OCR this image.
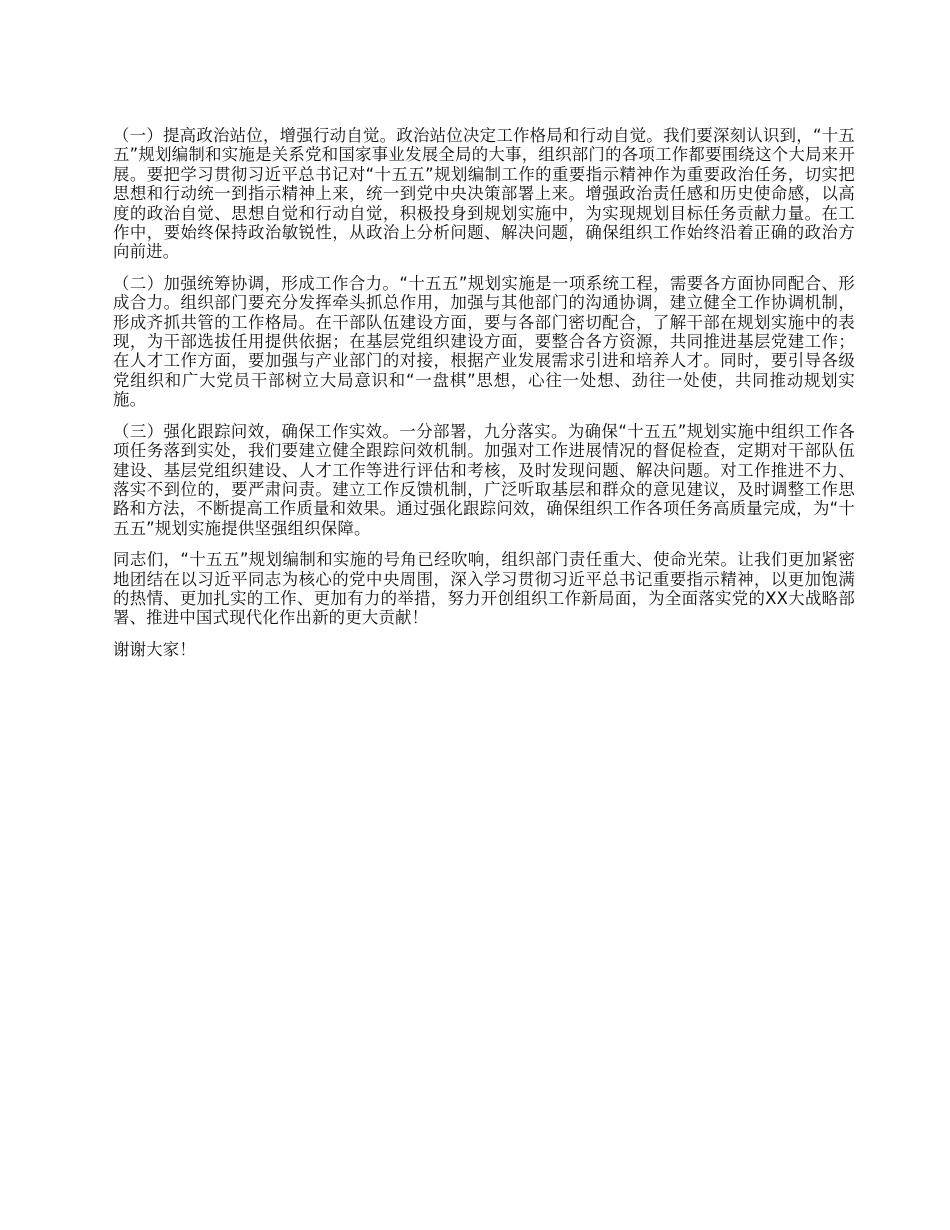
（一）提高政治站位，增强行动自觉。政治站位决定工作格局和行动自觉。我们要深刻认识到，“十五五”规划编制和实施是关系党和国家事业发展全局的大事，组织部门的各项工作都要围绕这个大局来开展。要把学习贯彻习近平总书记对“十五五”规划编制工作的重要指示精神作为重要政治任务，切实把思想和行动统一到指示精神上来，统一到党中央决策部署上来。增强政治责任感和历史使命感，以高度的政治自觉、思想自觉和行动自觉，积极投身到规划实施中，为实现规划目标任务贡献力量。在工作中，要始终保持政治敏锐性，从政治上分析问题、解决问题，确保组织工作始终沿着正确的政治方向前进。

（二）加强统筹协调，形成工作合力。“十五五”规划实施是一项系统工程，需要各方面协同配合、形成合力。组织部门要充分发挥牵头抓总作用，加强与其他部门的沟通协调，建立健全工作协调机制，形成齐抓共管的工作格局。在干部队伍建设方面，要与各部门密切配合，了解干部在规划实施中的表现，为干部选拔任用提供依据；在基层党组织建设方面，要整合各方资源，共同推进基层党建工作；在人才工作方面，要加强与产业部门的对接，根据产业发展需求引进和培养人才。同时，要引导各级党组织和广大党员干部树立大局意识和“一盘棋”思想，心往一处想、劲往一处使，共同推动规划实施。

（三）强化跟踪问效，确保工作实效。一分部署，九分落实。为确保“十五五”规划实施中组织工作各项任务落到实处，我们要建立健全跟踪问效机制。加强对工作进展情况的督促检查，定期对干部队伍建设、基层党组织建设、人才工作等进行评估和考核，及时发现问题、解决问题。对工作推进不力、落实不到位的，要严肃问责。建立工作反馈机制，广泛听取基层和群众的意见建议，及时调整工作思路和方法，不断提高工作质量和效果。通过强化跟踪问效，确保组织工作各项任务高质量完成，为“十五五”规划实施提供坚强组织保障。

同志们，“十五五”规划编制和实施的号角已经吹响，组织部门责任重大、使命光荣。让我们更加紧密地团结在以习近平同志为核心的党中央周围，深入学习贯彻习近平总书记重要指示精神，以更加饱满的热情、更加扎实的工作、更加有力的举措，努力开创组织工作新局面，为全面落实党的XX大战略部署、推进中国式现代化作出新的更大贡献！

谢谢大家！
